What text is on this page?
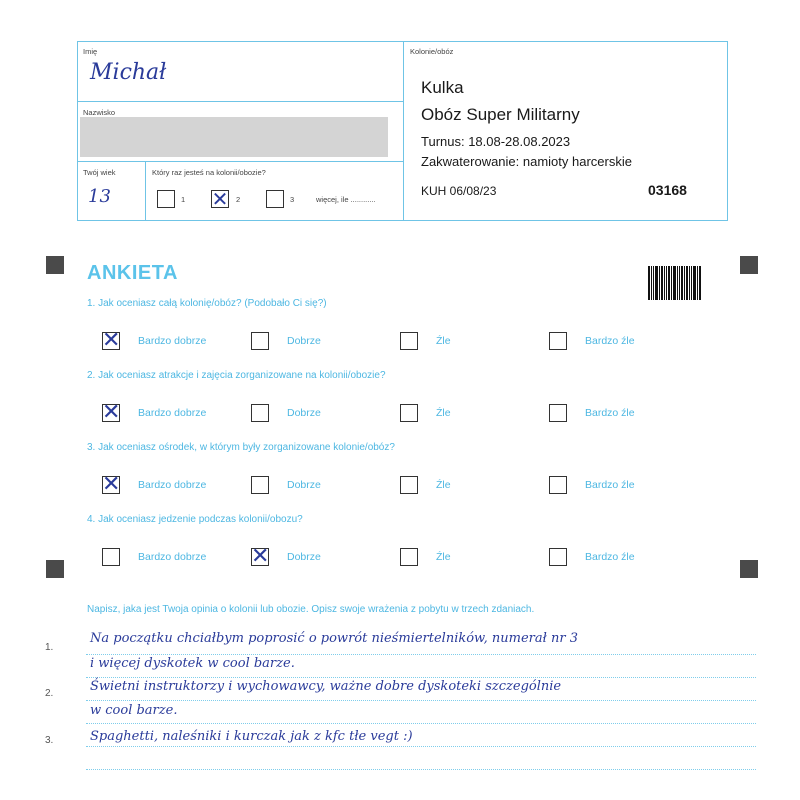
Imię
Michał
Nazwisko
Twój wiek
13
Który raz jesteś na kolonii/obozie?
1 ✕ 2	3	więcej, ile ............
Kolonie/obóz
Kulka
Obóz Super Militarny
Turnus: 18.08-28.08.2023
Zakwaterowanie: namioty harcerskie
KUH 06/08/23	03168
ANKIETA
1. Jak oceniasz całą kolonię/obóz? (Podobało Ci się?)
✕ Bardzo dobrze	Dobrze	Źle	Bardzo źle
2. Jak oceniasz atrakcje i zajęcia zorganizowane na kolonii/obozie?
✕ Bardzo dobrze	Dobrze	Źle	Bardzo źle
3. Jak oceniasz ośrodek, w którym były zorganizowane kolonie/obóz?
✕ Bardzo dobrze	Dobrze	Źle	Bardzo źle
4. Jak oceniasz jedzenie podczas kolonii/obozu?
Bardzo dobrze ✕ Dobrze	Źle	Bardzo źle
Napisz, jaka jest Twoja opinia o kolonii lub obozie. Opisz swoje wrażenia z pobytu w trzech zdaniach.
1.
2.
3.
Na początku chciałbym poprosić o powrót nieśmiertelników, numerał nr 3
i więcej dyskotek w cool barze.
Świetni instruktorzy i wychowawcy, ważne dobre dyskoteki szczególnie
w cool barze.
Spaghetti, naleśniki i kurczak jak z kfc tłe vegt :)
